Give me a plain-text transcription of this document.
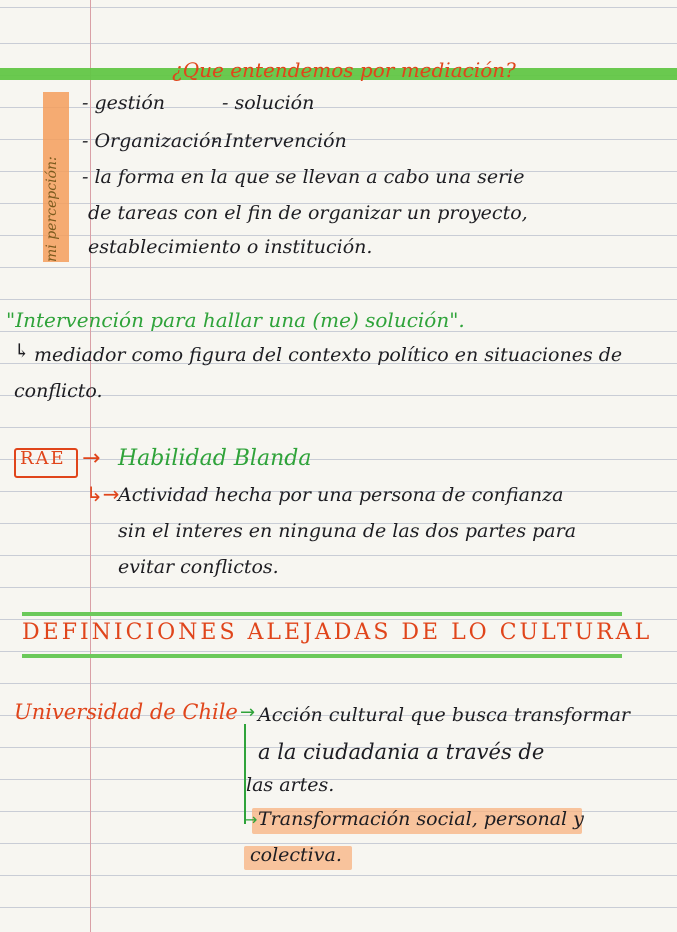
¿Que entendemos por mediación?
mi percepción:
- gestión	- solución
- Organización
- Intervención
- la forma en la que se llevan a cabo una serie
de tareas con el fin de organizar un proyecto,
establecimiento o institución.
"Intervención para hallar una (me) solución".
↳ mediador como figura del contexto político en situaciones de
conflicto.
RAE → Habilidad Blanda
↳→
Actividad hecha por una persona de confianza
sin el interes en ninguna de las dos partes para
evitar conflictos.
DEFINICIONES ALEJADAS DE LO CULTURAL
Universidad de Chile → Acción cultural que busca transformar
a la ciudadania a través de
las artes.
→ Transformación social, personal y
colectiva.
